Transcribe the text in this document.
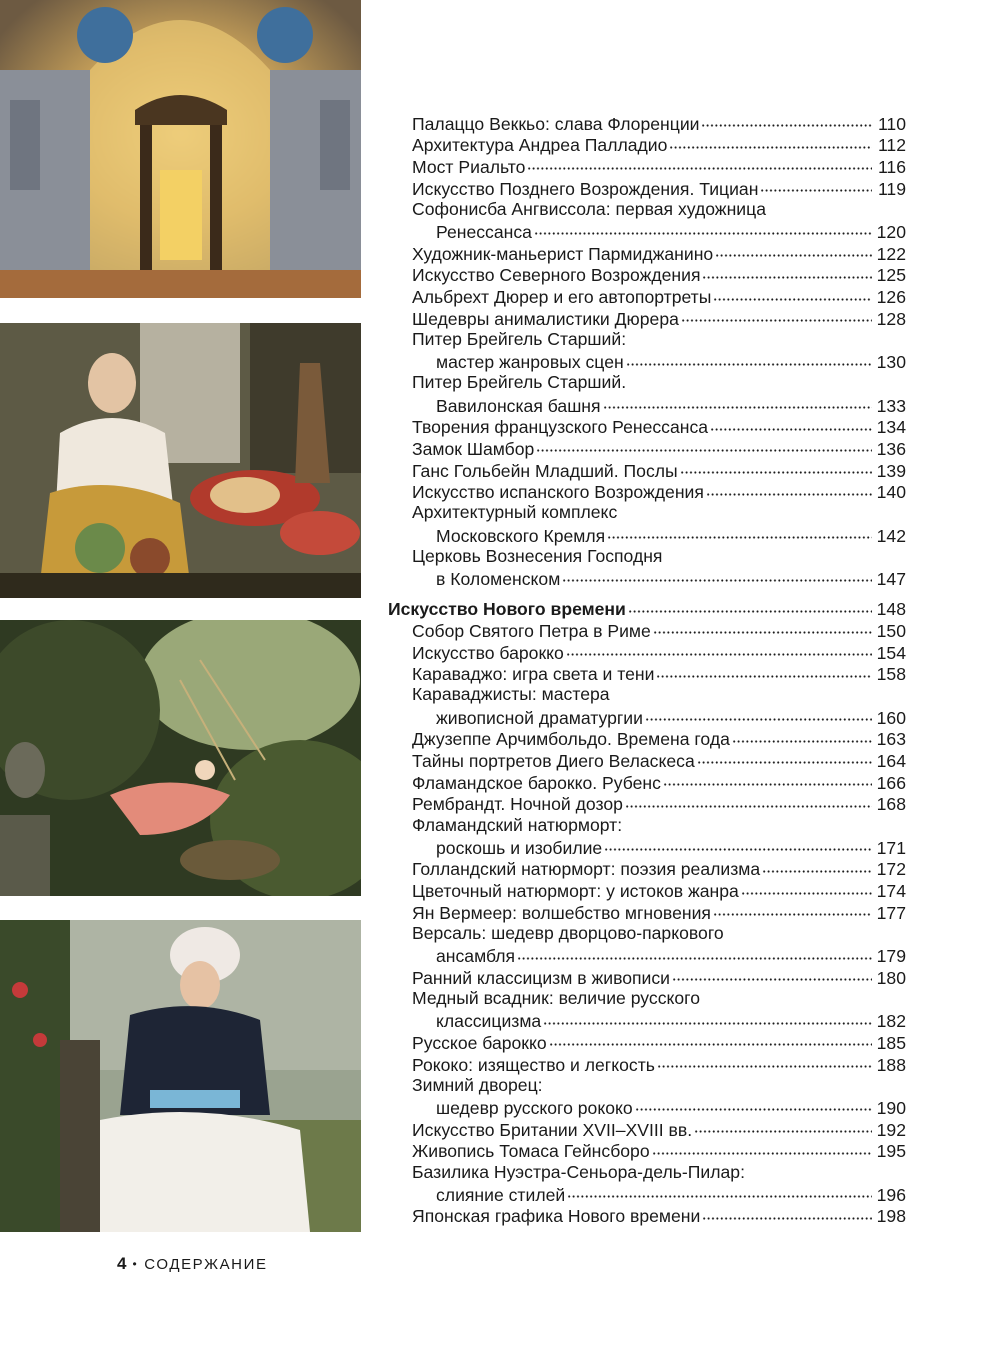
Палаццо Веккьо: слава Флоренции	110
Архитектура Андреа Палладио	112
Мост Риальто	116
Искусство Позднего Возрождения. Тициан	119
Софонисба Ангвиссола: первая художница
Ренессанса	120
Художник-маньерист Пармиджанино	122
Искусство Северного Возрождения	125
Альбрехт Дюрер и его автопортреты	126
Шедевры анималистики Дюрера	128
Питер Брейгель Старший:
мастер жанровых сцен	130
Питер Брейгель Старший.
Вавилонская башня	133
Творения французского Ренессанса	134
Замок Шамбор	136
Ганс Гольбейн Младший. Послы	139
Искусство испанского Возрождения	140
Архитектурный комплекс
Московского Кремля	142
Церковь Вознесения Господня
в Коломенском	147
Искусство Нового времени	148
Собор Святого Петра в Риме	150
Искусство барокко	154
Караваджо: игра света и тени	158
Караваджисты: мастера
живописной драматургии	160
Джузеппе Арчимбольдо. Времена года	163
Тайны портретов Диего Веласкеса	164
Фламандское барокко. Рубенс	166
Рембрандт. Ночной дозор	168
Фламандский натюрморт:
роскошь и изобилие	171
Голландский натюрморт: поэзия реализма	172
Цветочный натюрморт: у истоков жанра	174
Ян Вермеер: волшебство мгновения	177
Версаль: шедевр дворцово-паркового
ансамбля	179
Ранний классицизм в живописи	180
Медный всадник: величие русского
классицизма	182
Русское барокко	185
Рококо: изящество и легкость	188
Зимний дворец:
шедевр русского рококо	190
Искусство Британии XVII–XVIII вв.	192
Живопись Томаса Гейнсборо	195
Базилика Нуэстра-Сеньора-дель-Пилар:
слияние стилей	196
Японская графика Нового времени	198
4 • СОДЕРЖАНИЕ
